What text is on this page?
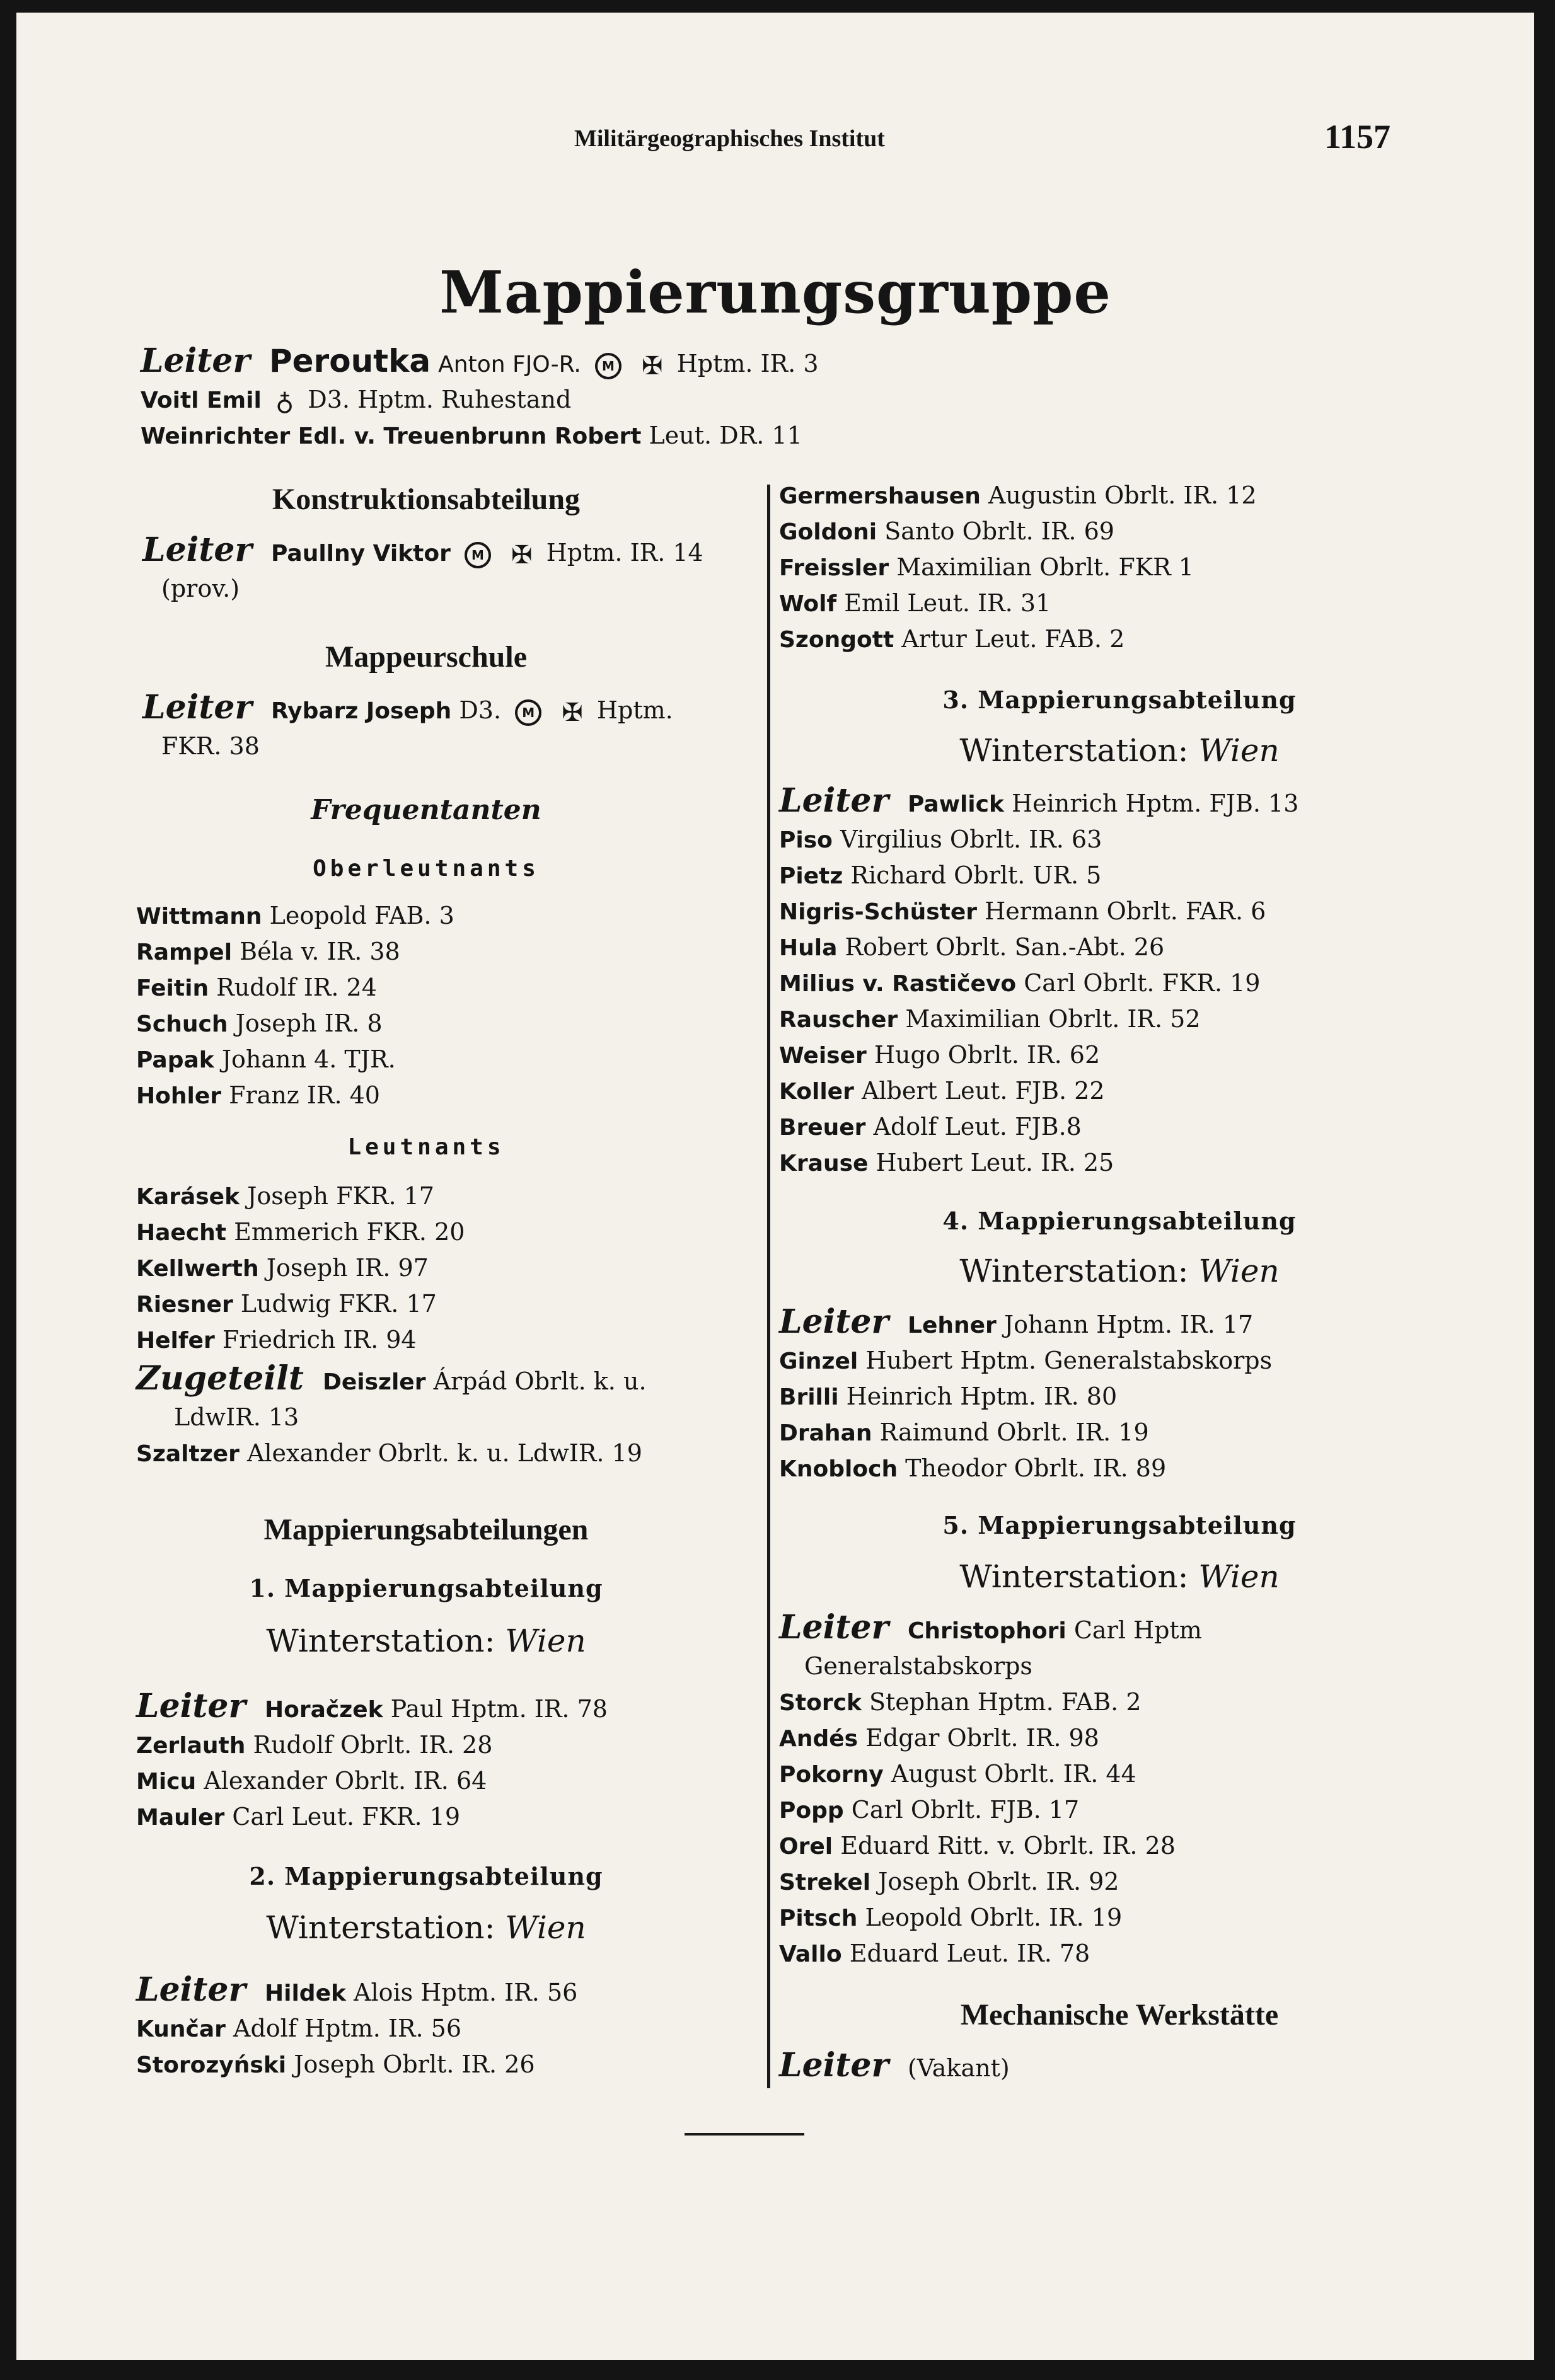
Militärgeographisches Institut	1157
Mappierungsgruppe
Leiter Peroutka Anton FJO-R. M ✠ Hptm. IR. 3
Voitl Emil ♁ D3. Hptm. Ruhestand
Weinrichter Edl. v. Treuenbrunn Robert Leut. DR. 11
Konstruktionsabteilung
Leiter Paullny Viktor M ✠ Hptm. IR. 14
(prov.)
Mappeurschule
Leiter Rybarz Joseph D3. M ✠ Hptm.
FKR. 38
Frequentanten
Oberleutnants
Wittmann Leopold FAB. 3
Rampel Béla v. IR. 38
Feitin Rudolf IR. 24
Schuch Joseph IR. 8
Papak Johann 4. TJR.
Hohler Franz IR. 40
Leutnants
Karásek Joseph FKR. 17
Haecht Emmerich FKR. 20
Kellwerth Joseph IR. 97
Riesner Ludwig FKR. 17
Helfer Friedrich IR. 94
Zugeteilt Deiszler Árpád Obrlt. k. u.
LdwIR. 13
Szaltzer Alexander Obrlt. k. u. LdwIR. 19
Mappierungsabteilungen
1. Mappierungsabteilung
Winterstation: Wien
Leiter Horačzek Paul Hptm. IR. 78
Zerlauth Rudolf Obrlt. IR. 28
Micu Alexander Obrlt. IR. 64
Mauler Carl Leut. FKR. 19
2. Mappierungsabteilung
Winterstation: Wien
Leiter Hildek Alois Hptm. IR. 56
Kunčar Adolf Hptm. IR. 56
Storozyński Joseph Obrlt. IR. 26
Germershausen Augustin Obrlt. IR. 12
Goldoni Santo Obrlt. IR. 69
Freissler Maximilian Obrlt. FKR 1
Wolf Emil Leut. IR. 31
Szongott Artur Leut. FAB. 2
3. Mappierungsabteilung
Winterstation: Wien
Leiter Pawlick Heinrich Hptm. FJB. 13
Piso Virgilius Obrlt. IR. 63
Pietz Richard Obrlt. UR. 5
Nigris-Schüster Hermann Obrlt. FAR. 6
Hula Robert Obrlt. San.-Abt. 26
Milius v. Rastičevo Carl Obrlt. FKR. 19
Rauscher Maximilian Obrlt. IR. 52
Weiser Hugo Obrlt. IR. 62
Koller Albert Leut. FJB. 22
Breuer Adolf Leut. FJB.8
Krause Hubert Leut. IR. 25
4. Mappierungsabteilung
Winterstation: Wien
Leiter Lehner Johann Hptm. IR. 17
Ginzel Hubert Hptm. Generalstabskorps
Brilli Heinrich Hptm. IR. 80
Drahan Raimund Obrlt. IR. 19
Knobloch Theodor Obrlt. IR. 89
5. Mappierungsabteilung
Winterstation: Wien
Leiter Christophori Carl Hptm
Generalstabskorps
Storck Stephan Hptm. FAB. 2
Andés Edgar Obrlt. IR. 98
Pokorny August Obrlt. IR. 44
Popp Carl Obrlt. FJB. 17
Orel Eduard Ritt. v. Obrlt. IR. 28
Strekel Joseph Obrlt. IR. 92
Pitsch Leopold Obrlt. IR. 19
Vallo Eduard Leut. IR. 78
Mechanische Werkstätte
Leiter (Vakant)
